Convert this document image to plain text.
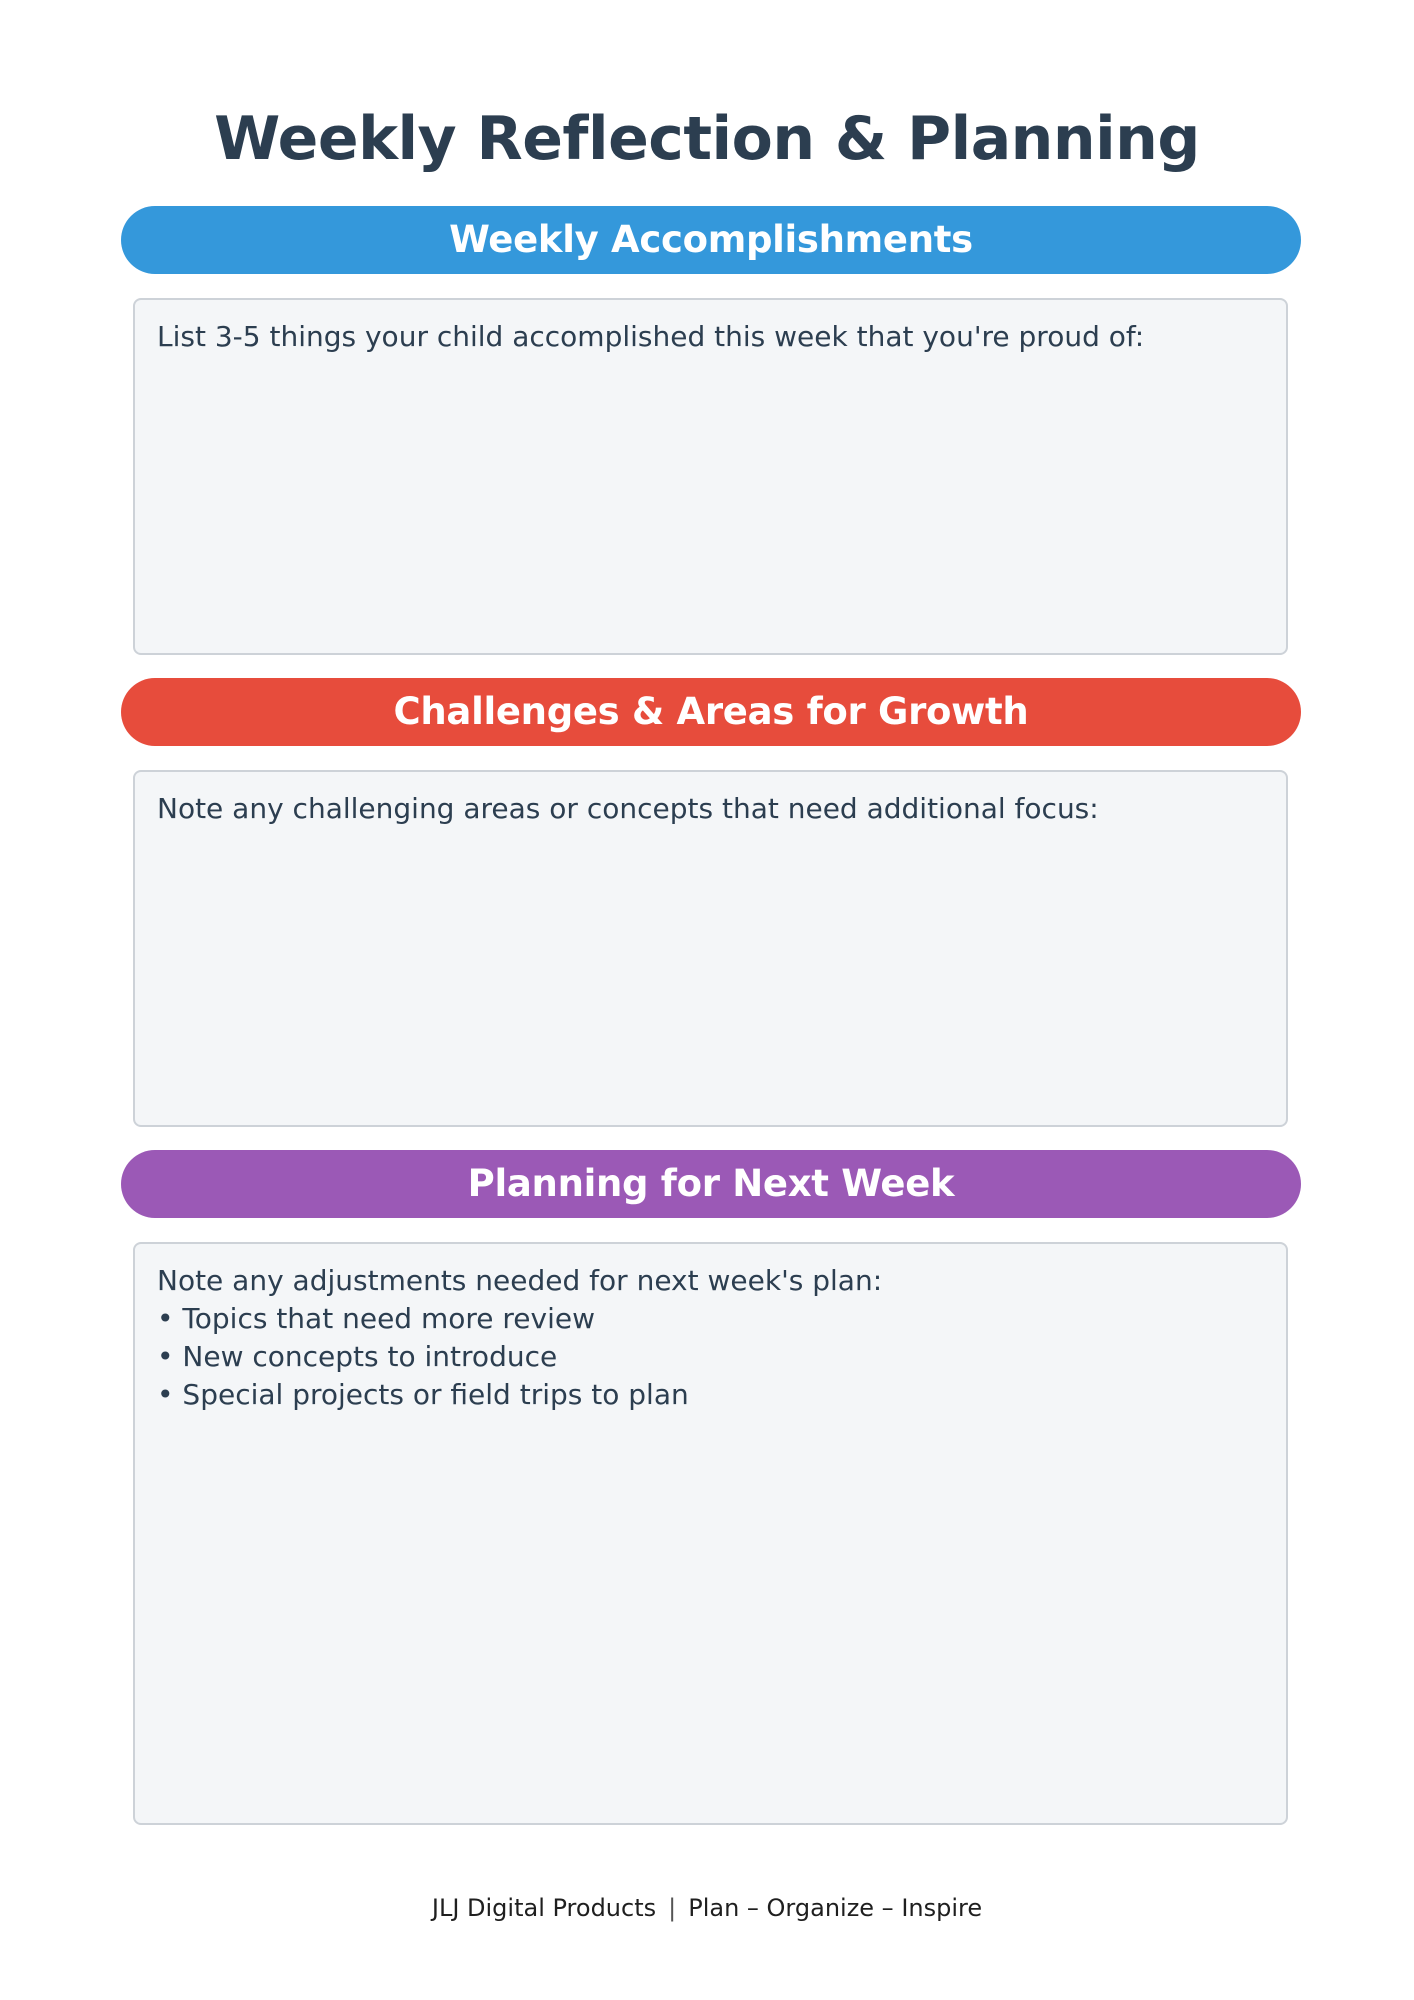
Weekly Reflection & Planning
Weekly Accomplishments
List 3-5 things your child accomplished this week that you're proud of:
Challenges & Areas for Growth
Note any challenging areas or concepts that need additional focus:
Planning for Next Week
Note any adjustments needed for next week's plan:
• Topics that need more review
• New concepts to introduce
• Special projects or field trips to plan
JLJ Digital Products | Plan – Organize – Inspire
